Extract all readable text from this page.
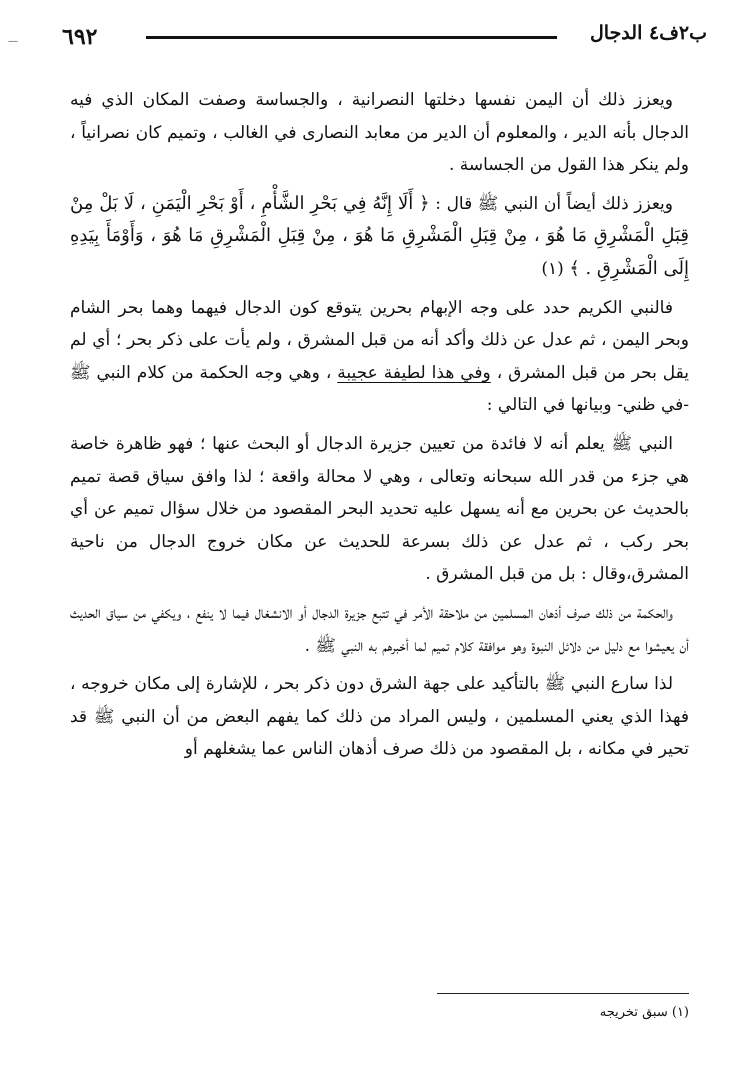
—	ب٢ف٤ الدجال
٦٩٢

ويعزز ذلك أن اليمن نفسها دخلتها النصرانية ، والجساسة وصفت المكان الذي فيه الدجال بأنه الدير ، والمعلوم أن الدير من معابد النصارى في الغالب ، وتميم كان نصرانياً ، ولم ينكر هذا القول من الجساسة .

ويعزز ذلك أيضاً أن النبي ﷺ قال : ﴿ أَلَا إِنَّهُ فِي بَحْرِ الشَّأْمِ ، أَوْ بَحْرِ الْيَمَنِ ، لَا بَلْ مِنْ قِبَلِ الْمَشْرِقِ مَا هُوَ ، مِنْ قِبَلِ الْمَشْرِقِ مَا هُوَ ، مِنْ قِبَلِ الْمَشْرِقِ مَا هُوَ ، وَأَوْمَأَ بِيَدِهِ إِلَى الْمَشْرِقِ . ﴾ (١)

فالنبي الكريم حدد على وجه الإبهام بحرين يتوقع كون الدجال فيهما وهما بحر الشام وبحر اليمن ، ثم عدل عن ذلك وأكد أنه من قبل المشرق ، ولم يأت على ذكر بحر ؛ أي لم يقل بحر من قبل المشرق ، وفي هذا لطيفة عجيبة ، وهي وجه الحكمة من كلام النبي ﷺ -في ظني- وبيانها في التالي :

النبي ﷺ يعلم أنه لا فائدة من تعيين جزيرة الدجال أو البحث عنها ؛ فهو ظاهرة خاصة هي جزء من قدر الله سبحانه وتعالى ، وهي لا محالة واقعة ؛ لذا وافق سياق قصة تميم بالحديث عن بحرين مع أنه يسهل عليه تحديد البحر المقصود من خلال سؤال تميم عن أي بحر ركب ، ثم عدل عن ذلك بسرعة للحديث عن مكان خروج الدجال من ناحية المشرق،وقال : بل من قبل المشرق .

والحكمة من ذلك صرف أذهان المسلمين من ملاحقة الأمر في تتبع جزيرة الدجال أو الانشغال فيما لا ينفع ، ويكفي من سياق الحديث أن يعيشوا مع دليل من دلائل النبوة وهو موافقة كلام تميم لما أخبرهم به النبي ﷺ .

لذا سارع النبي ﷺ بالتأكيد على جهة الشرق دون ذكر بحر ، للإشارة إلى مكان خروجه ، فهذا الذي يعني المسلمين ، وليس المراد من ذلك كما يفهم البعض من أن النبي ﷺ قد تحير في مكانه ، بل المقصود من ذلك صرف أذهان الناس عما يشغلهم أو

(١) سبق تخريجه
